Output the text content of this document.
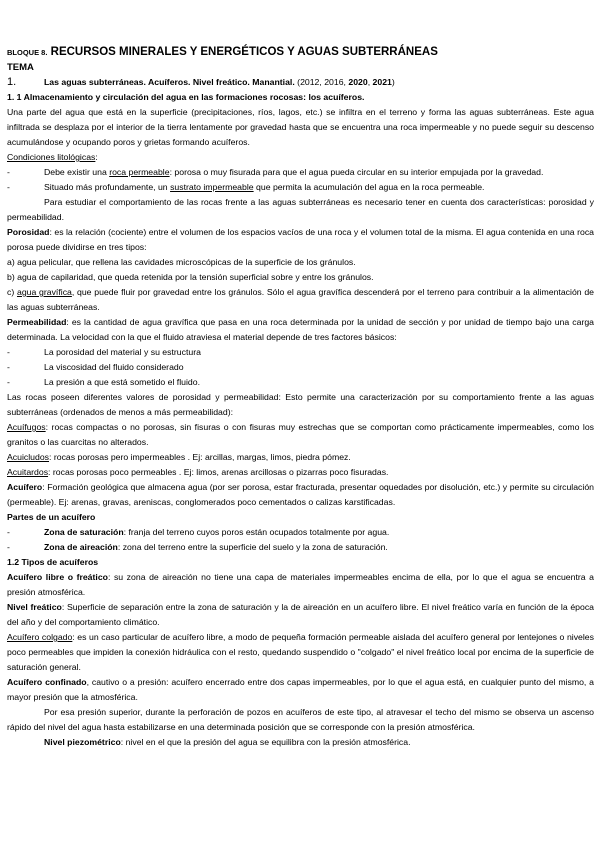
BLOQUE 8. RECURSOS MINERALES Y ENERGÉTICOS Y AGUAS SUBTERRÁNEAS

TEMA

1.	Las aguas subterráneas. Acuíferos. Nivel freático. Manantial. (2012, 2016, 2020, 2021)

1. 1 Almacenamiento y circulación del agua en las formaciones rocosas: los acuíferos.

Una parte del agua que está en la superficie (precipitaciones, ríos, lagos, etc.) se infiltra en el terreno y forma las aguas subterráneas. Este agua infiltrada se desplaza por el interior de la tierra lentamente por gravedad hasta que se encuentra una roca impermeable y no puede seguir su descenso acumulándose y ocupando poros y grietas formando acuíferos.

Condiciones litológicas:

-	Debe existir una roca permeable: porosa o muy fisurada para que el agua pueda circular en su interior empujada por la gravedad.
-	Situado más profundamente, un sustrato impermeable que permita la acumulación del agua en la roca permeable.

Para estudiar el comportamiento de las rocas frente a las aguas subterráneas es necesario tener en cuenta dos características: porosidad y permeabilidad.

Porosidad: es la relación (cociente) entre el volumen de los espacios vacíos de una roca y el volumen total de la misma. El agua contenida en una roca porosa puede dividirse en tres tipos:

a) agua pelicular, que rellena las cavidades microscópicas de la superficie de los gránulos.

b) agua de capilaridad, que queda retenida por la tensión superficial sobre y entre los gránulos.

c) agua gravífica, que puede fluir por gravedad entre los gránulos. Sólo el agua gravífica descenderá por el terreno para contribuir a la alimentación de las aguas subterráneas.

Permeabilidad: es la cantidad de agua gravífica que pasa en una roca determinada por la unidad de sección y por unidad de tiempo bajo una carga determinada. La velocidad con la que el fluido atraviesa el material depende de tres factores básicos:

-	La porosidad del material y su estructura
-	La viscosidad del fluido considerado
-	La presión a que está sometido el fluido.

Las rocas poseen diferentes valores de porosidad y permeabilidad: Esto permite una caracterización por su comportamiento frente a las aguas subterráneas (ordenados de menos a más permeabilidad):

Acuífugos: rocas compactas o no porosas, sin fisuras o con fisuras muy estrechas que se comportan como prácticamente impermeables, como los granitos o las cuarcitas no alterados.

Acuicludos: rocas porosas pero impermeables . Ej: arcillas, margas, limos, piedra pómez.

Acuitardos: rocas porosas poco permeables . Ej: limos, arenas arcillosas o pizarras poco fisuradas.

Acuífero: Formación geológica que almacena agua (por ser porosa, estar fracturada, presentar oquedades por disolución, etc.) y permite su circulación (permeable). Ej: arenas, gravas, areniscas, conglomerados poco cementados o calizas karstificadas.

Partes de un acuífero

-	Zona de saturación: franja del terreno cuyos poros están ocupados totalmente por agua.
-	Zona de aireación: zona del terreno entre la superficie del suelo y la zona de saturación.

1.2 Tipos de acuíferos

Acuífero libre o freático: su zona de aireación no tiene una capa de materiales impermeables encima de ella, por lo que el agua se encuentra a presión atmosférica.

Nivel freático: Superficie de separación entre la zona de saturación y la de aireación en un acuífero libre. El nivel freático varía en función de la época del año y del comportamiento climático.

Acuífero colgado: es un caso particular de acuífero libre, a modo de pequeña formación permeable aislada del acuífero general por lentejones o niveles poco permeables que impiden la conexión hidráulica con el resto, quedando suspendido o "colgado" el nivel freático local por encima de la superficie de saturación general.

Acuífero confinado, cautivo o a presión: acuífero encerrado entre dos capas impermeables, por lo que el agua está, en cualquier punto del mismo, a mayor presión que la atmosférica.

Por esa presión superior, durante la perforación de pozos en acuíferos de este tipo, al atravesar el techo del mismo se observa un ascenso rápido del nivel del agua hasta estabilizarse en una determinada posición que se corresponde con la presión atmosférica.

Nivel piezométrico: nivel en el que la presión del agua se equilibra con la presión atmosférica.
